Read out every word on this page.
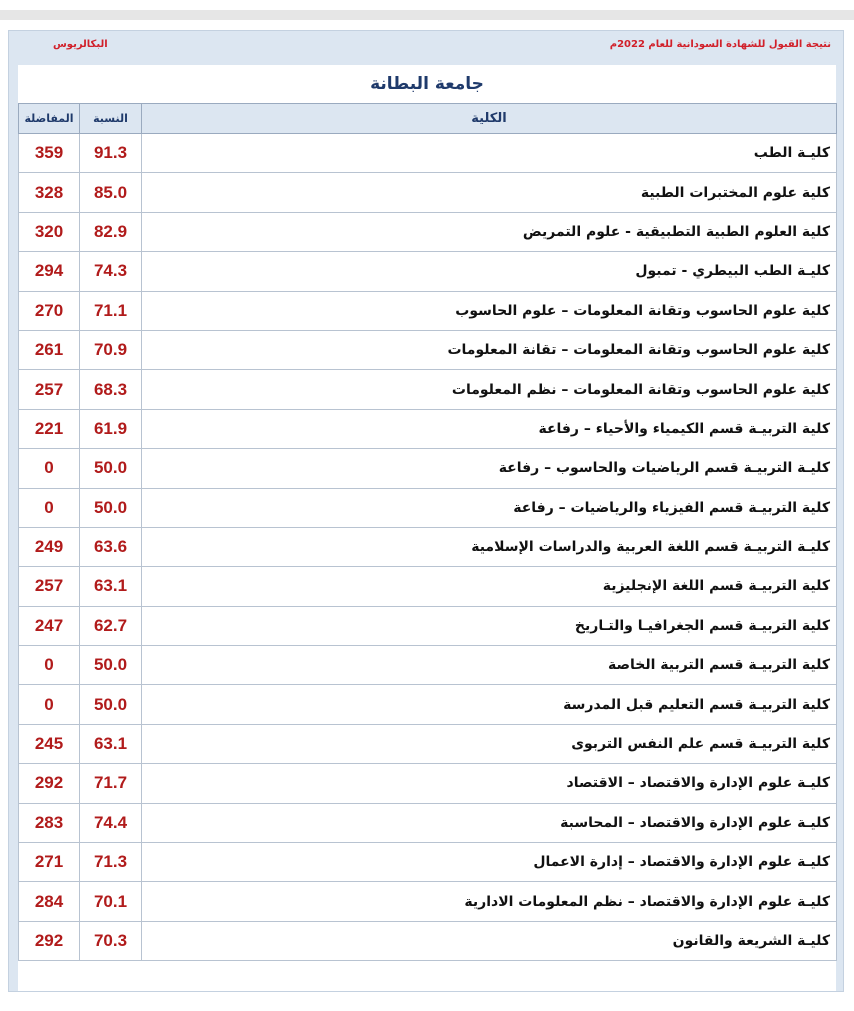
البكالريوس	نتيجة القبول للشهادة السودانية للعام 2022م
جامعة البطانة
المفاضلة	النسبة	الكلية
359	91.3	كليـة الطب
328	85.0	كلية علوم المختبرات الطبية
320	82.9	كلية العلوم الطبية التطبيقية - علوم التمريض
294	74.3	كليـة الطب البيطري - تمبول
270	71.1	كلية علوم الحاسوب وتقانة المعلومات – علوم الحاسوب
261	70.9	كلية علوم الحاسوب وتقانة المعلومات – تقانة المعلومات
257	68.3	كلية علوم الحاسوب وتقانة المعلومات – نظم المعلومات
221	61.9	كلية التربيـة قسم الكيمياء والأحياء – رفاعة
0	50.0	كليـة التربيـة قسم الرياضيات والحاسوب – رفاعة
0	50.0	كلية التربيـة قسم الفيزياء والرياضيات – رفاعة
249	63.6	كليـة التربيـة قسم اللغة العربية والدراسات الإسلامية
257	63.1	كلية التربيـة قسم اللغة الإنجليزية
247	62.7	كلية التربيـة قسم الجغرافيـا والتـاريخ
0	50.0	كلية التربيـة قسم التربية الخاصة
0	50.0	كلية التربيـة قسم التعليم قبل المدرسة
245	63.1	كلية التربيـة قسم علم النفس التربوى
292	71.7	كليـة علوم الإدارة والاقتصاد – الاقتصاد
283	74.4	كليـة علوم الإدارة والاقتصاد – المحاسبة
271	71.3	كليـة علوم الإدارة والاقتصاد – إدارة الاعمال
284	70.1	كليـة علوم الإدارة والاقتصاد – نظم المعلومات الادارية
292	70.3	كليـة الشريعة والقانون
